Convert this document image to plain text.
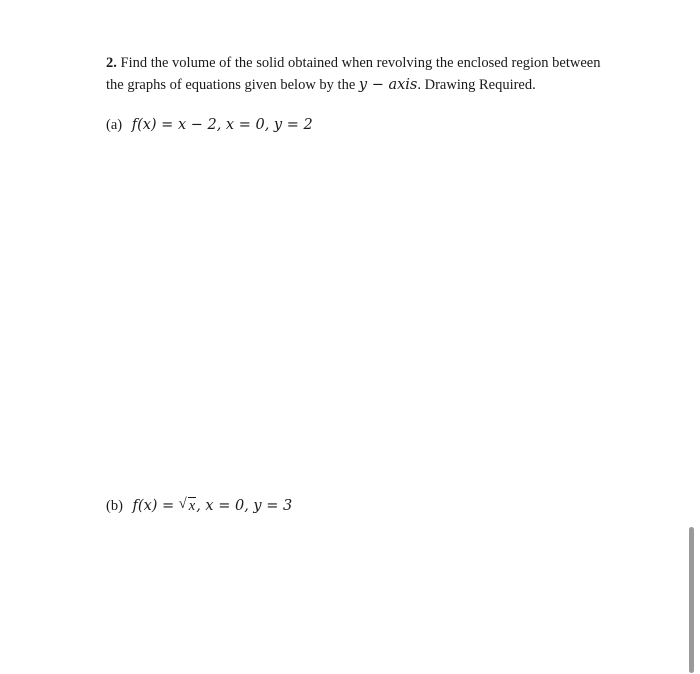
2. Find the volume of the solid obtained when revolving the enclosed region between
the graphs of equations given below by the y − axis. Drawing Required.
(a) f(x) = x − 2, x = 0, y = 2
(b) f(x) = √ x, x = 0, y = 3
